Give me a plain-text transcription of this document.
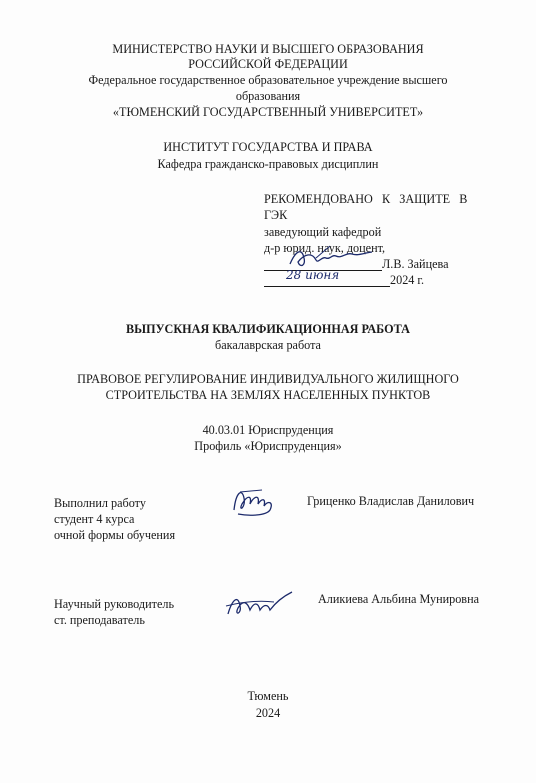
МИНИСТЕРСТВО НАУКИ И ВЫСШЕГО ОБРАЗОВАНИЯ
РОССИЙСКОЙ ФЕДЕРАЦИИ
Федеральное государственное образовательное учреждение высшего
образования
«ТЮМЕНСКИЙ ГОСУДАРСТВЕННЫЙ УНИВЕРСИТЕТ»
ИНСТИТУТ ГОСУДАРСТВА И ПРАВА
Кафедра гражданско-правовых дисциплин
РЕКОМЕНДОВАНО   К   ЗАЩИТЕ   В
ГЭК
заведующий кафедрой
д-р юрид. наук, доцент,
Л.В. Зайцева
28 июня	2024 г.
ВЫПУСКНАЯ КВАЛИФИКАЦИОННАЯ РАБОТА
бакалаврская работа
ПРАВОВОЕ РЕГУЛИРОВАНИЕ ИНДИВИДУАЛЬНОГО ЖИЛИЩНОГО
СТРОИТЕЛЬСТВА НА ЗЕМЛЯХ НАСЕЛЕННЫХ ПУНКТОВ
40.03.01 Юриспруденция
Профиль «Юриспруденция»
Выполнил работу
студент 4 курса
очной формы обучения
Гриценко Владислав Данилович
Научный руководитель
ст. преподаватель
Аликиева Альбина Мунировна
Тюмень
2024
